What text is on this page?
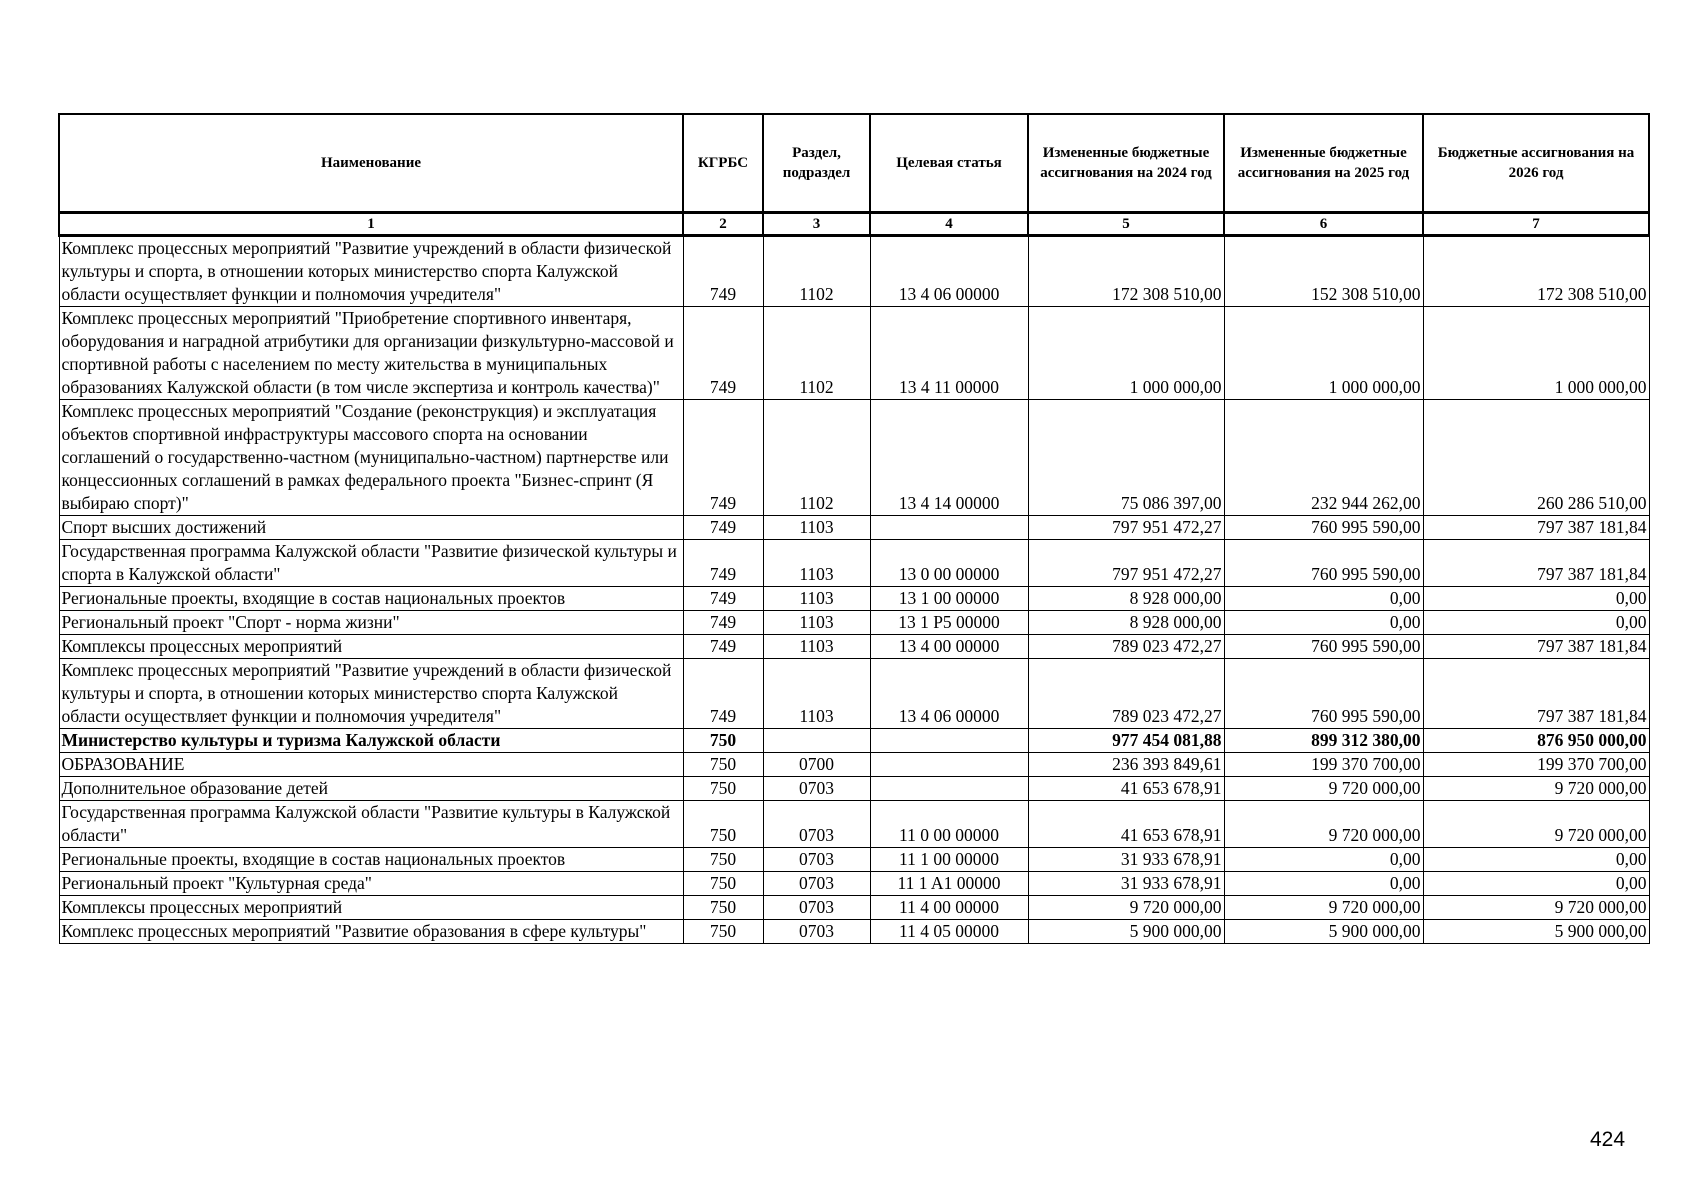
Наименование	КГРБС	Раздел, подраздел	Целевая статья	Измененные бюджетные ассигнования на 2024 год	Измененные бюджетные ассигнования на 2025 год	Бюджетные ассигнования на 2026 год
1	2	3	4	5	6	7
Комплекс процессных мероприятий "Развитие учреждений в области физической культуры и спорта, в отношении которых министерство спорта Калужской области осуществляет функции и полномочия учредителя"	749	1102	13 4 06 00000	172 308 510,00	152 308 510,00	172 308 510,00
Комплекс процессных мероприятий "Приобретение спортивного инвентаря, оборудования и наградной атрибутики для организации физкультурно-массовой и спортивной работы с населением по месту жительства в муниципальных образованиях Калужской области (в том числе экспертиза и контроль качества)"	749	1102	13 4 11 00000	1 000 000,00	1 000 000,00	1 000 000,00
Комплекс процессных мероприятий "Создание (реконструкция) и эксплуатация объектов спортивной инфраструктуры массового спорта на основании соглашений о государственно-частном (муниципально-частном) партнерстве или концессионных соглашений в рамках федерального проекта "Бизнес-спринт (Я выбираю спорт)"	749	1102	13 4 14 00000	75 086 397,00	232 944 262,00	260 286 510,00
Спорт высших достижений	749	1103		797 951 472,27	760 995 590,00	797 387 181,84
Государственная программа Калужской области "Развитие физической культуры и спорта в Калужской области"	749	1103	13 0 00 00000	797 951 472,27	760 995 590,00	797 387 181,84
Региональные проекты, входящие в состав национальных проектов	749	1103	13 1 00 00000	8 928 000,00	0,00	0,00
Региональный проект "Спорт - норма жизни"	749	1103	13 1 P5 00000	8 928 000,00	0,00	0,00
Комплексы процессных мероприятий	749	1103	13 4 00 00000	789 023 472,27	760 995 590,00	797 387 181,84
Комплекс процессных мероприятий "Развитие учреждений в области физической культуры и спорта, в отношении которых министерство спорта Калужской области осуществляет функции и полномочия учредителя"	749	1103	13 4 06 00000	789 023 472,27	760 995 590,00	797 387 181,84
Министерство культуры и туризма Калужской области	750			977 454 081,88	899 312 380,00	876 950 000,00
ОБРАЗОВАНИЕ	750	0700		236 393 849,61	199 370 700,00	199 370 700,00
Дополнительное образование детей	750	0703		41 653 678,91	9 720 000,00	9 720 000,00
Государственная программа Калужской области "Развитие культуры в Калужской области"	750	0703	11 0 00 00000	41 653 678,91	9 720 000,00	9 720 000,00
Региональные проекты, входящие в состав национальных проектов	750	0703	11 1 00 00000	31 933 678,91	0,00	0,00
Региональный проект "Культурная среда"	750	0703	11 1 A1 00000	31 933 678,91	0,00	0,00
Комплексы процессных мероприятий	750	0703	11 4 00 00000	9 720 000,00	9 720 000,00	9 720 000,00
Комплекс процессных мероприятий "Развитие образования в сфере культуры"	750	0703	11 4 05 00000	5 900 000,00	5 900 000,00	5 900 000,00
424
